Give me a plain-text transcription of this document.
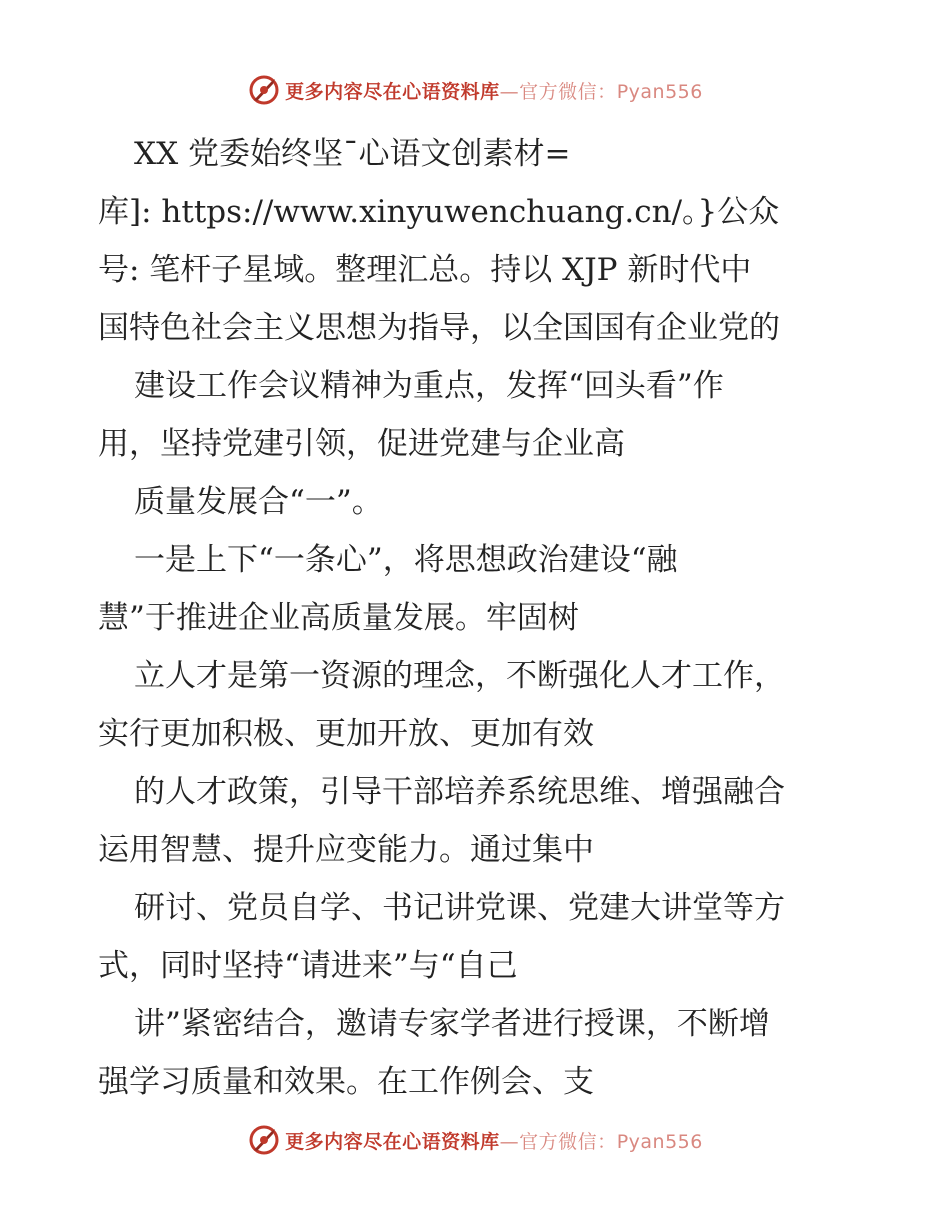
更多内容尽在心语资料库—官方微信：Pyan556
XX 党委始终坚¯心语文创素材=
库]: https://www.xinyuwenchuang.cn/。}公众
号: 笔杆子星域。整理汇总。持以 XJP 新时代中
国特色社会主义思想为指导，以全国国有企业党的
建设工作会议精神为重点，发挥“回头看”作
用，坚持党建引领，促进党建与企业高
质量发展合“一”。
一是上下“一条心”，将思想政治建设“融
慧”于推进企业高质量发展。牢固树
立人才是第一资源的理念，不断强化人才工作，
实行更加积极、更加开放、更加有效
的人才政策，引导干部培养系统思维、增强融合
运用智慧、提升应变能力。通过集中
研讨、党员自学、书记讲党课、党建大讲堂等方
式，同时坚持“请进来”与“自己
讲”紧密结合，邀请专家学者进行授课，不断增
强学习质量和效果。在工作例会、支
更多内容尽在心语资料库—官方微信：Pyan556
